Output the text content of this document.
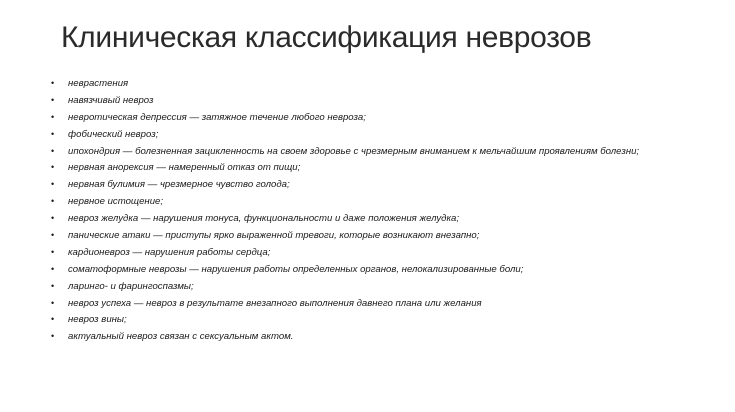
Клиническая классификация неврозов
• неврастения
• навязчивый невроз
• невротическая депрессия — затяжное течение любого невроза;
• фобический невроз;
• ипохондрия — болезненная зацикленность на своем здоровье с чрезмерным вниманием к мельчайшим проявлениям болезни;
• нервная анорексия — намеренный отказ от пищи;
• нервная булимия — чрезмерное чувство голода;
• нервное истощение;
• невроз желудка — нарушения тонуса, функциональности и даже положения желудка;
• панические атаки — приступы ярко выраженной тревоги, которые возникают внезапно;
• кардионевроз — нарушения работы сердца;
• соматоформные неврозы — нарушения работы определенных органов, нелокализированные боли;
• ларинго- и фарингоспазмы;
• невроз успеха — невроз в результате внезапного выполнения давнего плана или желания
• невроз вины;
• актуальный невроз связан с сексуальным актом.
